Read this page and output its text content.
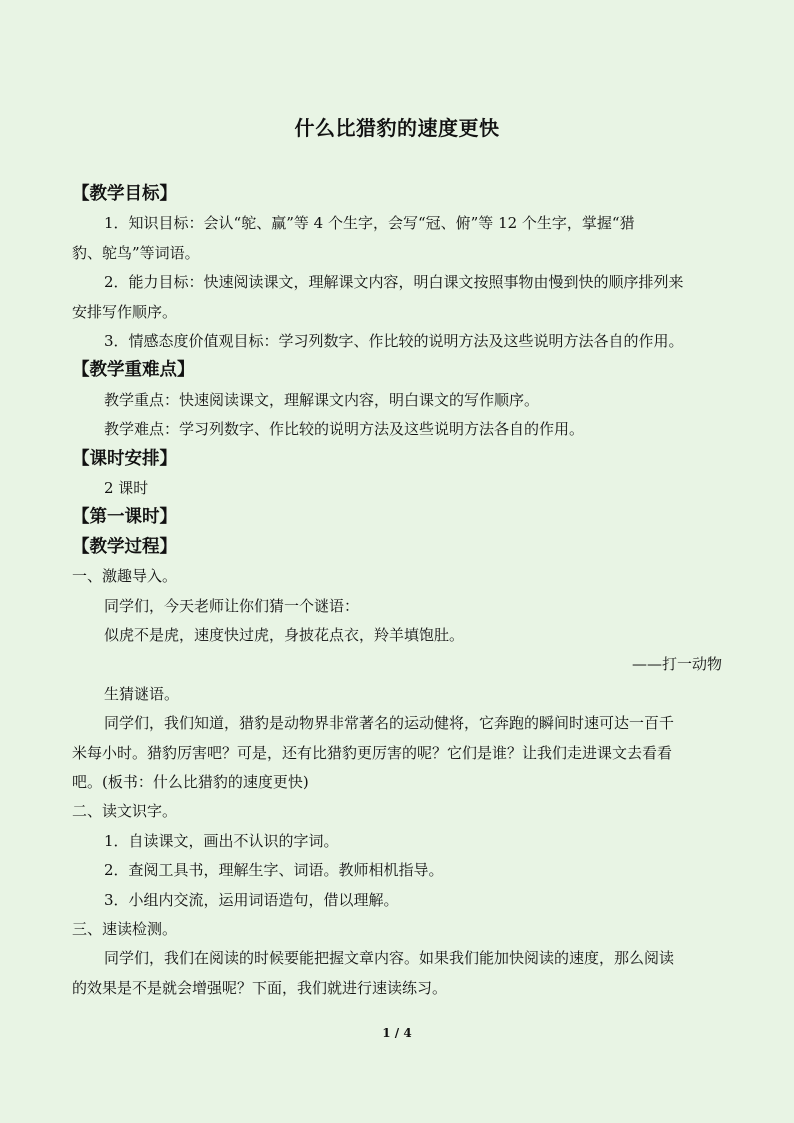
什么比猎豹的速度更快
【教学目标】
1．知识目标：会认“鸵、赢”等 4 个生字，会写“冠、俯”等 12 个生字，掌握“猎
豹、鸵鸟”等词语。
2．能力目标：快速阅读课文，理解课文内容，明白课文按照事物由慢到快的顺序排列来
安排写作顺序。
3．情感态度价值观目标：学习列数字、作比较的说明方法及这些说明方法各自的作用。
【教学重难点】
教学重点：快速阅读课文，理解课文内容，明白课文的写作顺序。
教学难点：学习列数字、作比较的说明方法及这些说明方法各自的作用。
【课时安排】
2 课时
【第一课时】
【教学过程】
一、激趣导入。
同学们，今天老师让你们猜一个谜语：
似虎不是虎，速度快过虎，身披花点衣，羚羊填饱肚。
——打一动物
生猜谜语。
同学们，我们知道，猎豹是动物界非常著名的运动健将，它奔跑的瞬间时速可达一百千
米每小时。猎豹厉害吧？可是，还有比猎豹更厉害的呢？它们是谁？让我们走进课文去看看
吧。(板书：什么比猎豹的速度更快)
二、读文识字。
1．自读课文，画出不认识的字词。
2．查阅工具书，理解生字、词语。教师相机指导。
3．小组内交流，运用词语造句，借以理解。
三、速读检测。
同学们，我们在阅读的时候要能把握文章内容。如果我们能加快阅读的速度，那么阅读
的效果是不是就会增强呢？下面，我们就进行速读练习。
1 / 4
